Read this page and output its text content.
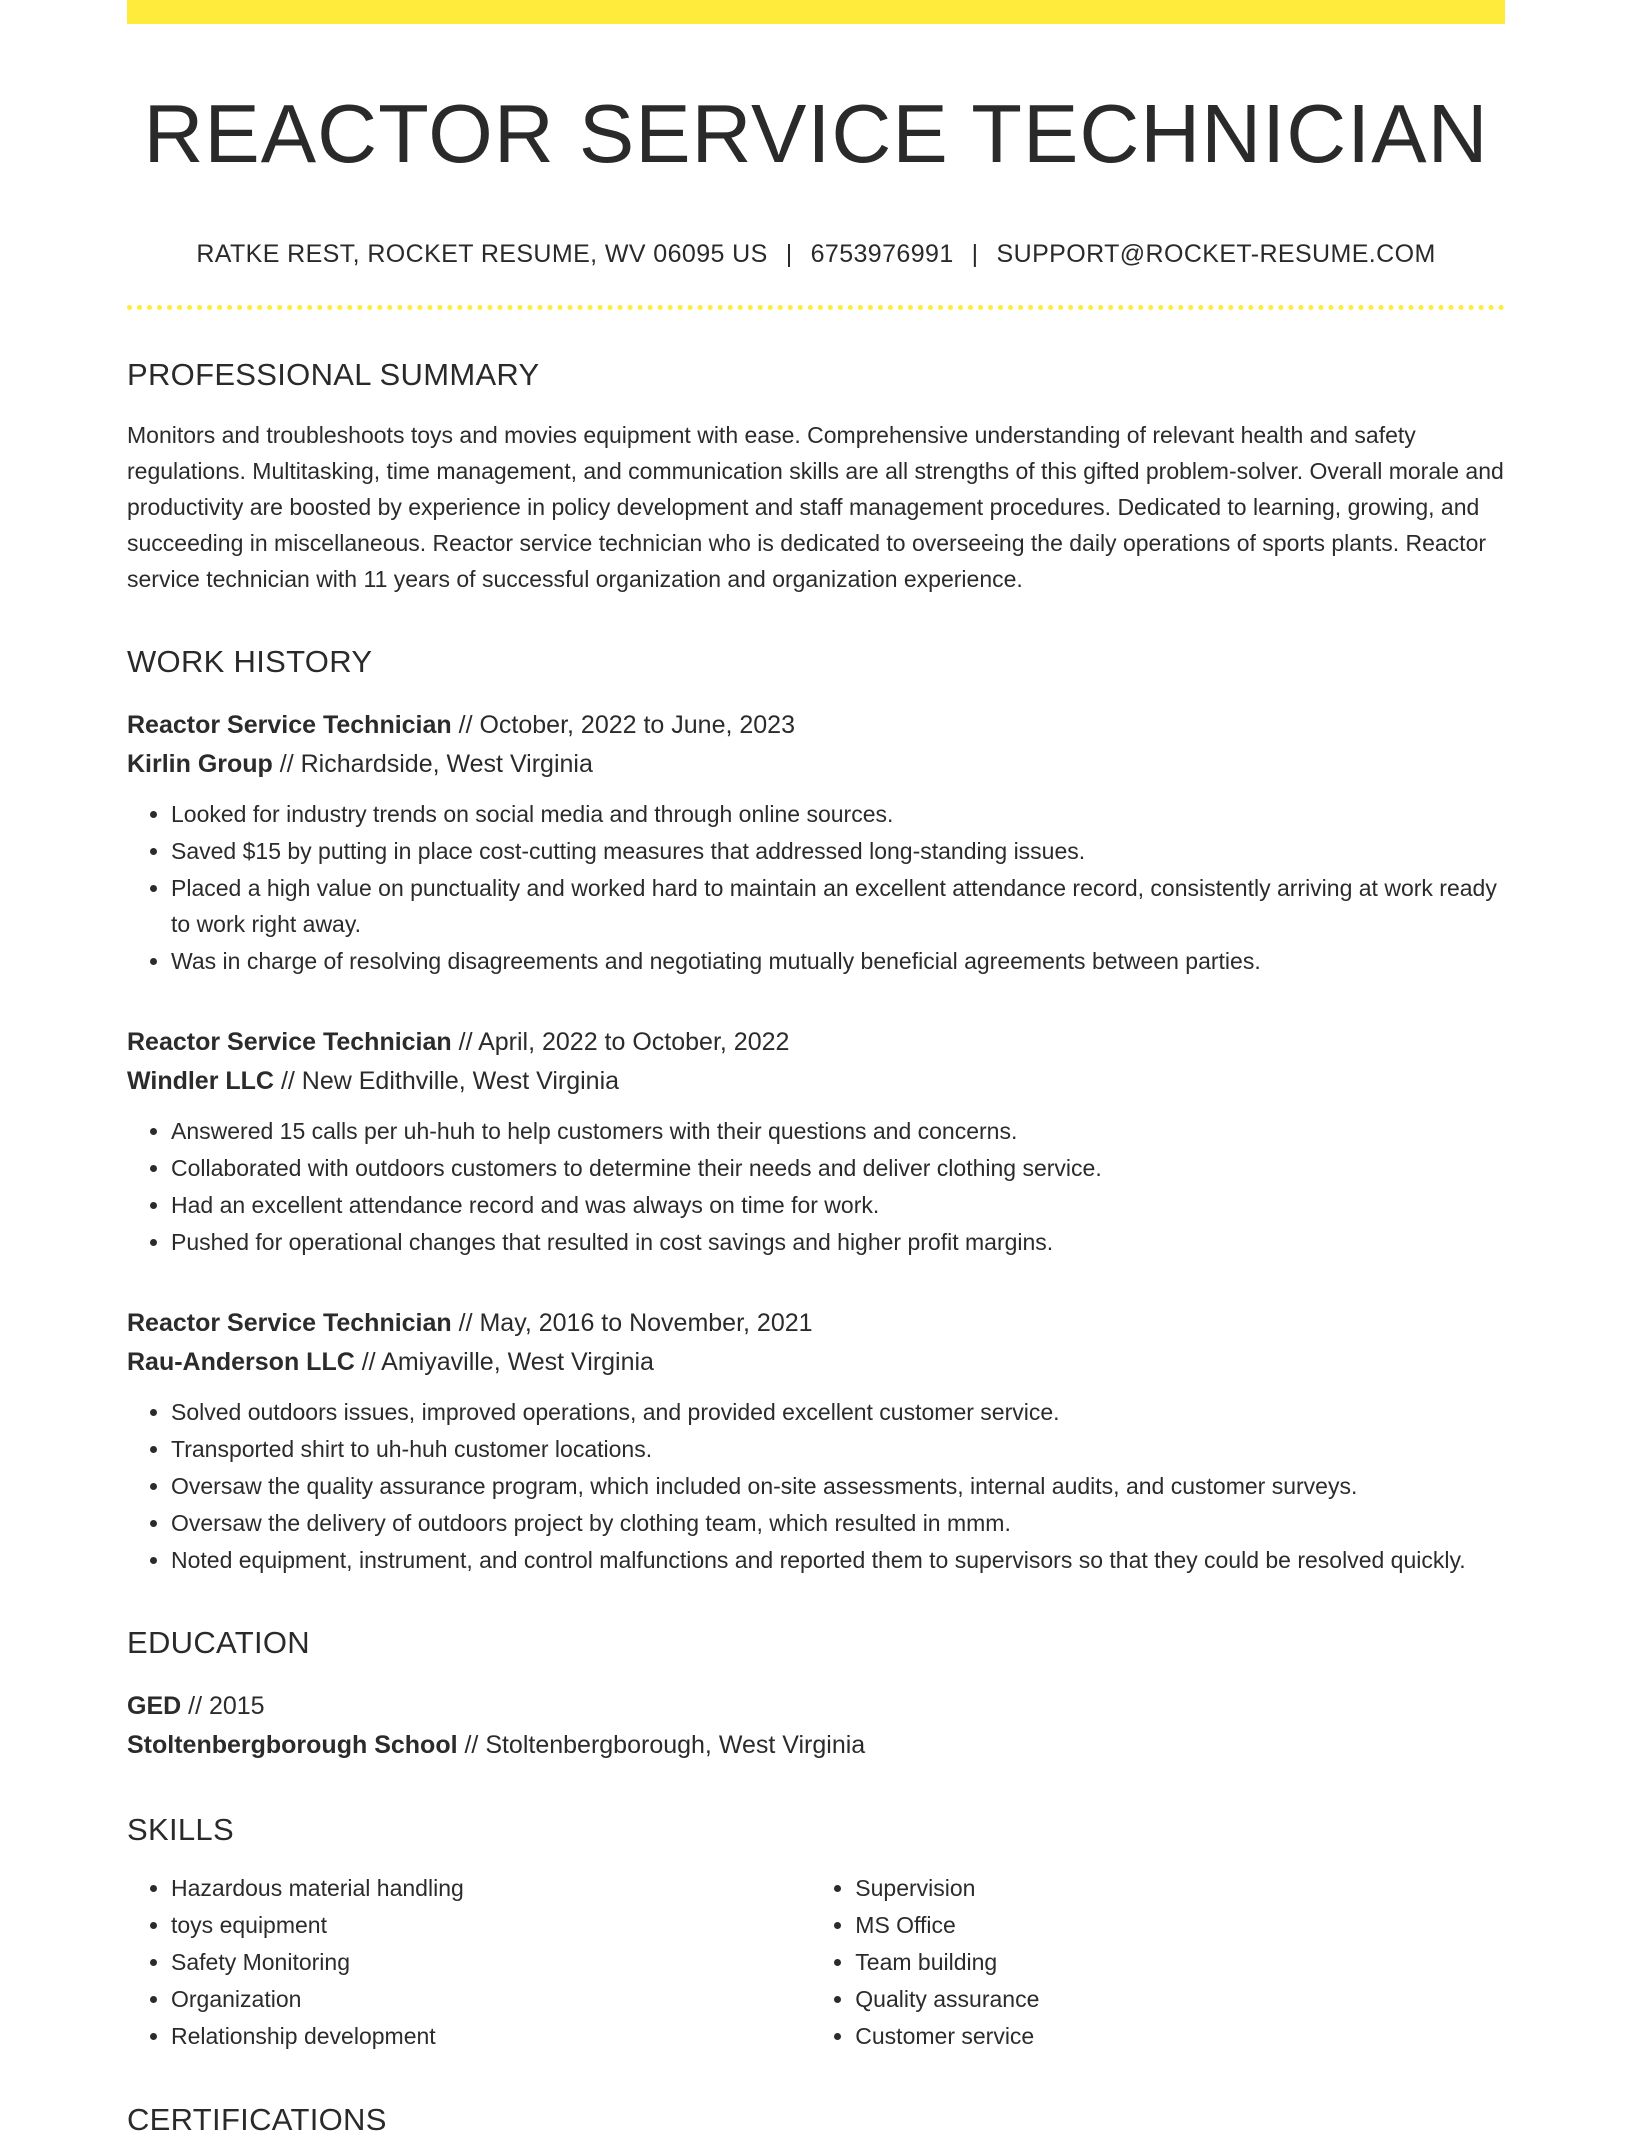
REACTOR SERVICE TECHNICIAN
RATKE REST, ROCKET RESUME, WV 06095 US | 6753976991 | SUPPORT@ROCKET-RESUME.COM
PROFESSIONAL SUMMARY
Monitors and troubleshoots toys and movies equipment with ease. Comprehensive understanding of relevant health and safety regulations. Multitasking, time management, and communication skills are all strengths of this gifted problem-solver. Overall morale and productivity are boosted by experience in policy development and staff management procedures. Dedicated to learning, growing, and succeeding in miscellaneous. Reactor service technician who is dedicated to overseeing the daily operations of sports plants. Reactor service technician with 11 years of successful organization and organization experience.
WORK HISTORY
Reactor Service Technician // October, 2022 to June, 2023
Kirlin Group // Richardside, West Virginia
• Looked for industry trends on social media and through online sources.
• Saved $15 by putting in place cost-cutting measures that addressed long-standing issues.
• Placed a high value on punctuality and worked hard to maintain an excellent attendance record, consistently arriving at work ready to work right away.
• Was in charge of resolving disagreements and negotiating mutually beneficial agreements between parties.
Reactor Service Technician // April, 2022 to October, 2022
Windler LLC // New Edithville, West Virginia
• Answered 15 calls per uh-huh to help customers with their questions and concerns.
• Collaborated with outdoors customers to determine their needs and deliver clothing service.
• Had an excellent attendance record and was always on time for work.
• Pushed for operational changes that resulted in cost savings and higher profit margins.
Reactor Service Technician // May, 2016 to November, 2021
Rau-Anderson LLC // Amiyaville, West Virginia
• Solved outdoors issues, improved operations, and provided excellent customer service.
• Transported shirt to uh-huh customer locations.
• Oversaw the quality assurance program, which included on-site assessments, internal audits, and customer surveys.
• Oversaw the delivery of outdoors project by clothing team, which resulted in mmm.
• Noted equipment, instrument, and control malfunctions and reported them to supervisors so that they could be resolved quickly.
EDUCATION
GED // 2015
Stoltenbergborough School // Stoltenbergborough, West Virginia
SKILLS
• Hazardous material handling
• toys equipment
• Safety Monitoring
• Organization
• Relationship development
• Supervision
• MS Office
• Team building
• Quality assurance
• Customer service
CERTIFICATIONS
